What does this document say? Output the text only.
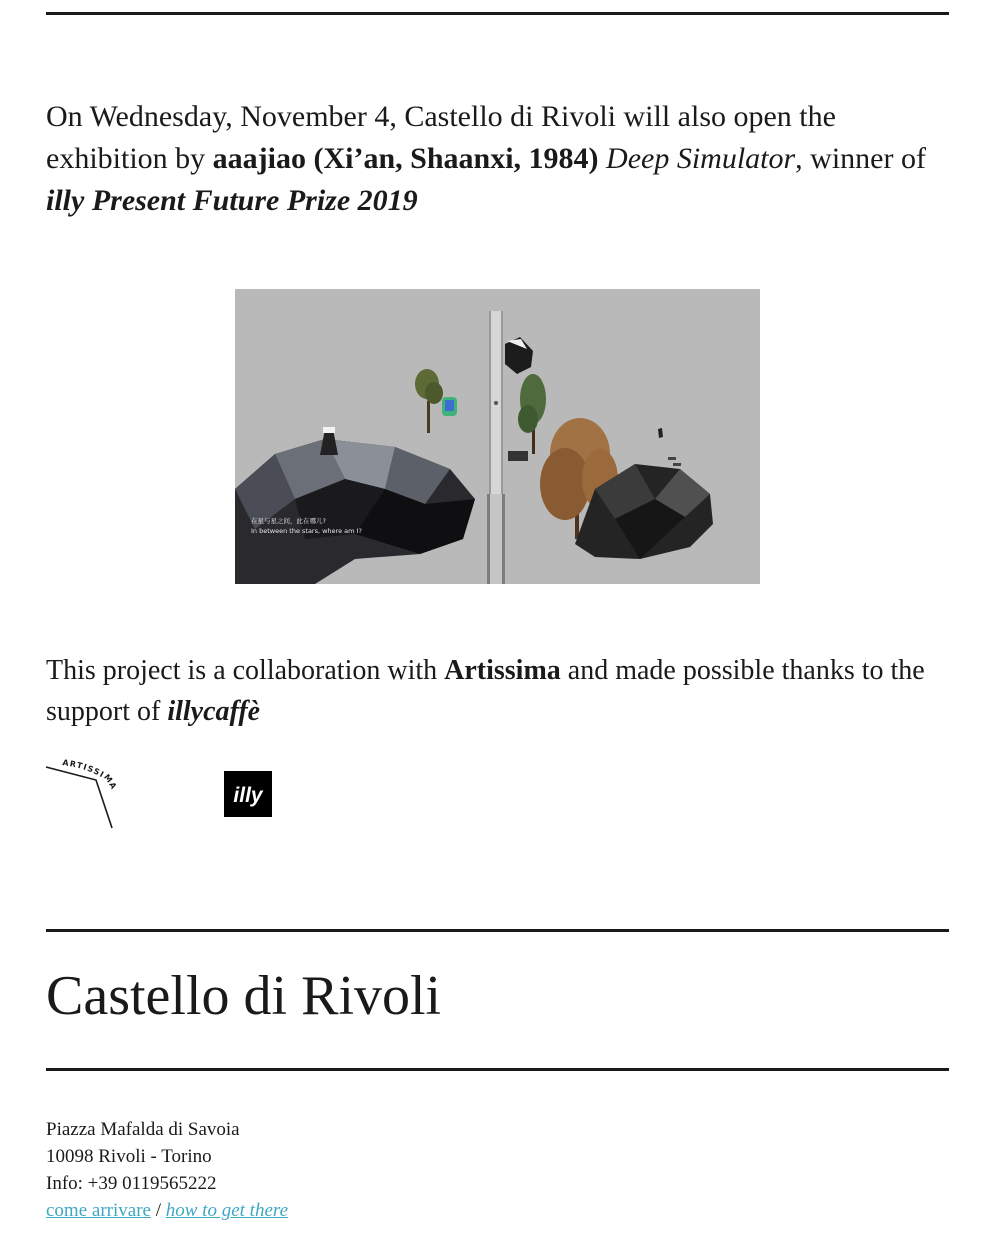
On Wednesday, November 4, Castello di Rivoli will also open the exhibition by aaajiao (Xi’an, Shaanxi, 1984) Deep Simulator, winner of illy Present Future Prize 2019

在星与星之间，此在哪儿?
In between the stars, where am I?

This project is a collaboration with Artissima and made possible thanks to the support of illycaffè

ARTISSIMA	illy
Castello di Rivoli
Piazza Mafalda di Savoia
10098 Rivoli - Torino
Info: +39 0119565222
come arrivare / how to get there
